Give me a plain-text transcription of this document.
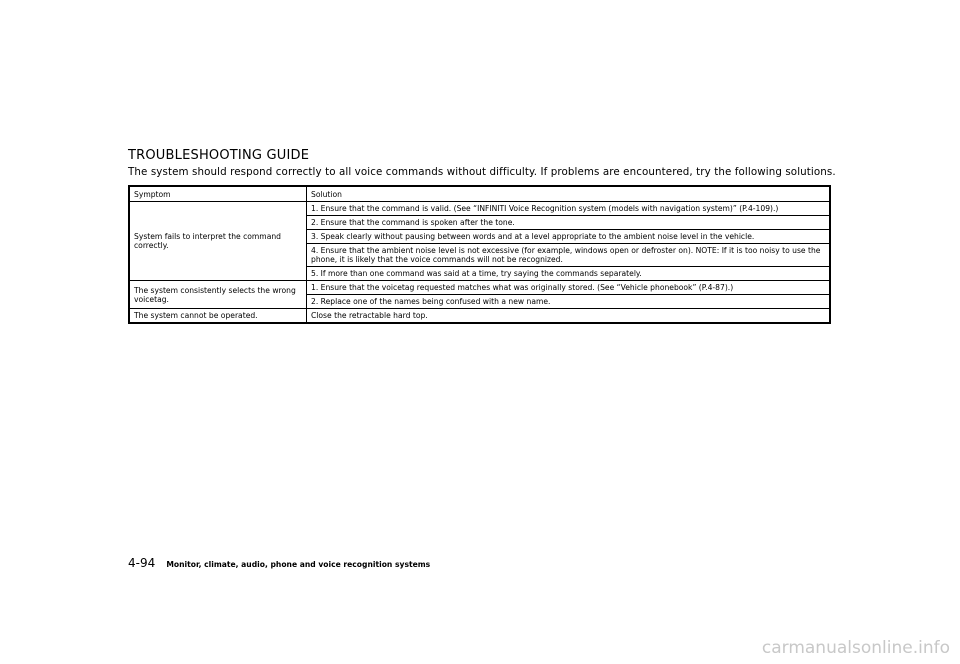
TROUBLESHOOTING GUIDE

The system should respond correctly to all voice commands without difficulty. If problems are encountered, try the following solutions.

Symptom	Solution
System fails to interpret the command correctly.	1. Ensure that the command is valid. (See “INFINITI Voice Recognition system (models with navigation system)” (P.4-109).)
	2. Ensure that the command is spoken after the tone.
	3. Speak clearly without pausing between words and at a level appropriate to the ambient noise level in the vehicle.
	4. Ensure that the ambient noise level is not excessive (for example, windows open or defroster on). NOTE: If it is too noisy to use the phone, it is likely that the voice commands will not be recognized.
	5. If more than one command was said at a time, try saying the commands separately.
The system consistently selects the wrong voicetag.	1. Ensure that the voicetag requested matches what was originally stored. (See “Vehicle phonebook” (P.4-87).)
	2. Replace one of the names being confused with a new name.
The system cannot be operated.	Close the retractable hard top.
4-94 Monitor, climate, audio, phone and voice recognition systems
carmanualsonline.info
